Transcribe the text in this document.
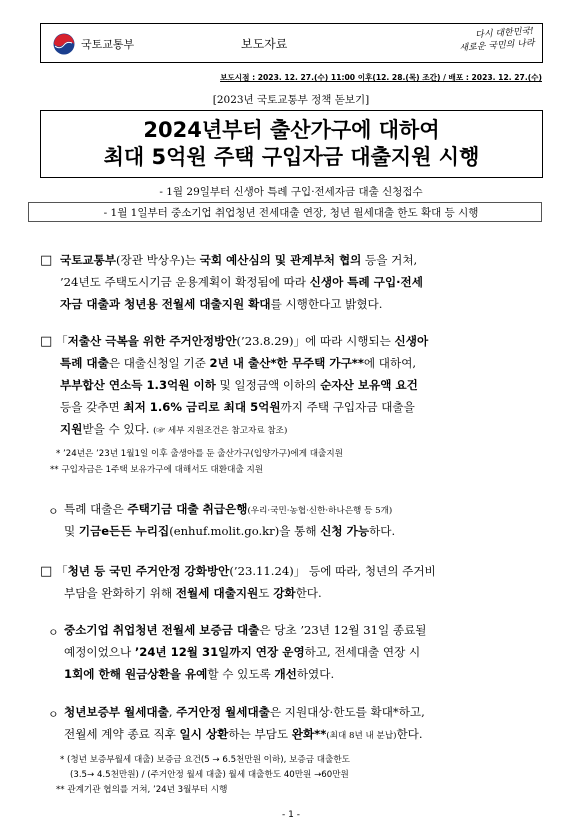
국토교통부	보도자료
다시 대한민국!
새로운 국민의 나라
보도시점 : 2023. 12. 27.(수) 11:00 이후(12. 28.(목) 조간) / 배포 : 2023. 12. 27.(수)
[2023년 국토교통부 정책 돋보기]
2024년부터 출산가구에 대하여
최대 5억원 주택 구입자금 대출지원 시행
- 1월 29일부터 신생아 특례 구입·전세자금 대출 신청접수
- 1월 1일부터 중소기업 취업청년 전세대출 연장, 청년 월세대출 한도 확대 등 시행
□ 국토교통부(장관 박상우)는 국회 예산심의 및 관계부처 협의 등을 거쳐,
’24년도 주택도시기금 운용계획이 확정됨에 따라 신생아 특례 구입·전세
자금 대출과 청년용 전월세 대출지원 확대를 시행한다고 밝혔다.
□ 「저출산 극복을 위한 주거안정방안(’23.8.29)」에 따라 시행되는 신생아
특례 대출은 대출신청일 기준 2년 내 출산*한 무주택 가구**에 대하여,
부부합산 연소득 1.3억원 이하 및 일정금액 이하의 순자산 보유액 요건
등을 갖추면 최저 1.6% 금리로 최대 5억원까지 주택 구입자금 대출을
지원받을 수 있다. (☞ 세부 지원조건은 참고자료 참조)
* ’24년은 ’23년 1월1일 이후 출생아를 둔 출산가구(입양가구)에게 대출지원
** 구입자금은 1주택 보유가구에 대해서도 대환대출 지원
ㅇ 특례 대출은 주택기금 대출 취급은행(우리·국민·농협·신한·하나은행 등 5개)
및 기금e든든 누리집(enhuf.molit.go.kr)을 통해 신청 가능하다.
□ 「청년 등 국민 주거안정 강화방안(’23.11.24)」 등에 따라, 청년의 주거비
부담을 완화하기 위해 전월세 대출지원도 강화한다.
ㅇ 중소기업 취업청년 전월세 보증금 대출은 당초 ’23년 12월 31일 종료될
예정이었으나 ’24년 12월 31일까지 연장 운영하고, 전세대출 연장 시
1회에 한해 원금상환을 유예할 수 있도록 개선하였다.
ㅇ 청년보증부 월세대출, 주거안정 월세대출은 지원대상·한도를 확대*하고,
전월세 계약 종료 직후 일시 상환하는 부담도 완화**(최대 8년 내 분납)한다.
* (청년 보증부월세 대출) 보증금 요건(5 → 6.5천만원 이하), 보증금 대출한도
(3.5→ 4.5천만원) / (주거안정 월세 대출) 월세 대출한도 40만원 →60만원
** 관계기관 협의를 거쳐, ’24년 3월부터 시행
- 1 -
